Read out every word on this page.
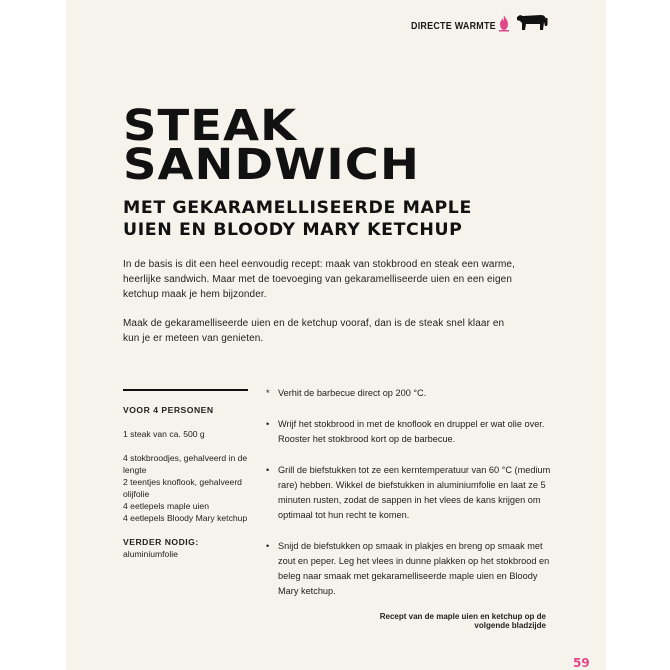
DIRECTE WARMTE
STEAK
SANDWICH
MET GEKARAMELLISEERDE MAPLE
UIEN EN BLOODY MARY KETCHUP

In de basis is dit een heel eenvoudig recept: maak van stokbrood en steak een warme, heerlijke sandwich. Maar met de toevoeging van gekaramelliseerde uien en een eigen ketchup maak je hem bijzonder.

Maak de gekaramelliseerde uien en de ketchup vooraf, dan is de steak snel klaar en kun je er meteen van genieten.

VOOR 4 PERSONEN

1 steak van ca. 500 g
4 stokbroodjes, gehalveerd in de lengte
2 teentjes knoflook, gehalveerd
olijfolie
4 eetlepels maple uien
4 eetlepels Bloody Mary ketchup

VERDER NODIG:

aluminiumfolie

* Verhit de barbecue direct op 200 °C.
• Wrijf het stokbrood in met de knoflook en druppel er wat olie over. Rooster het stokbrood kort op de barbecue.
• Grill de biefstukken tot ze een kerntemperatuur van 60 °C (medium rare) hebben. Wikkel de biefstukken in aluminiumfolie en laat ze 5 minuten rusten, zodat de sappen in het vlees de kans krijgen om optimaal tot hun recht te komen.
• Snijd de biefstukken op smaak in plakjes en breng op smaak met zout en peper. Leg het vlees in dunne plakken op het stokbrood en beleg naar smaak met gekaramelliseerde maple uien en Bloody Mary ketchup.
Recept van de maple uien en ketchup op de volgende bladzijde
59
